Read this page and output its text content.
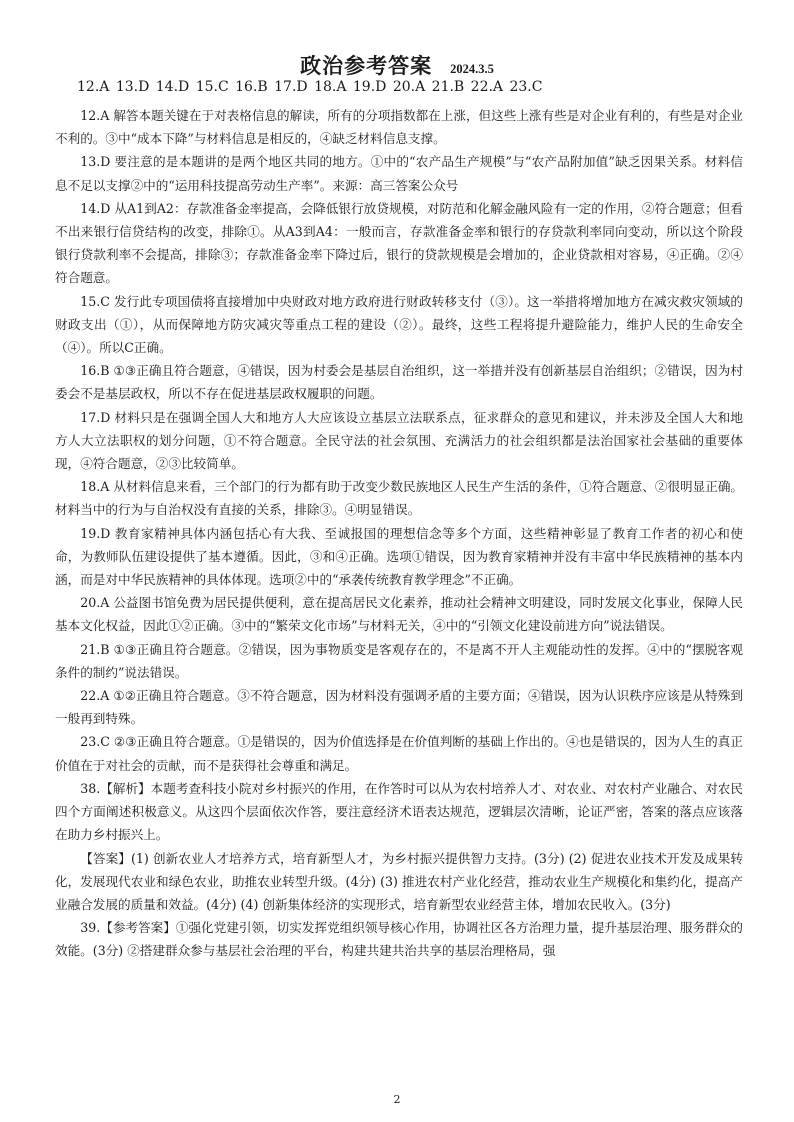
政治参考答案 2024.3.5
12.A 13.D 14.D 15.C 16.B 17.D 18.A 19.D 20.A 21.B 22.A 23.C

12.A 解答本题关键在于对表格信息的解读，所有的分项指数都在上涨，但这些上涨有些是对企业有利的，有些是对企业不利的。③中“成本下降”与材料信息是相反的，④缺乏材料信息支撑。

13.D 要注意的是本题讲的是两个地区共同的地方。①中的“农产品生产规模”与“农产品附加值”缺乏因果关系。材料信息不足以支撑②中的“运用科技提高劳动生产率”。来源：高三答案公众号

14.D 从A1到A2：存款准备金率提高，会降低银行放贷规模，对防范和化解金融风险有一定的作用，②符合题意；但看不出来银行信贷结构的改变，排除①。从A3到A4：一般而言，存款准备金率和银行的存贷款利率同向变动，所以这个阶段银行贷款利率不会提高，排除③；存款准备金率下降过后，银行的贷款规模是会增加的，企业贷款相对容易，④正确。②④符合题意。

15.C 发行此专项国债将直接增加中央财政对地方政府进行财政转移支付（③）。这一举措将增加地方在减灾救灾领域的财政支出（①），从而保障地方防灾减灾等重点工程的建设（②）。最终，这些工程将提升避险能力，维护人民的生命安全（④）。所以C正确。

16.B ①③正确且符合题意，④错误，因为村委会是基层自治组织，这一举措并没有创新基层自治组织；②错误，因为村委会不是基层政权，所以不存在促进基层政权履职的问题。

17.D 材料只是在强调全国人大和地方人大应该设立基层立法联系点，征求群众的意见和建议，并未涉及全国人大和地方人大立法职权的划分问题，①不符合题意。全民守法的社会氛围、充满活力的社会组织都是法治国家社会基础的重要体现，④符合题意，②③比较简单。

18.A 从材料信息来看，三个部门的行为都有助于改变少数民族地区人民生产生活的条件，①符合题意、②很明显正确。材料当中的行为与自治权没有直接的关系，排除③。④明显错误。

19.D 教育家精神具体内涵包括心有大我、至诚报国的理想信念等多个方面，这些精神彰显了教育工作者的初心和使命，为教师队伍建设提供了基本遵循。因此，③和④正确。选项①错误，因为教育家精神并没有丰富中华民族精神的基本内涵，而是对中华民族精神的具体体现。选项②中的“承袭传统教育教学理念”不正确。

20.A 公益图书馆免费为居民提供便利，意在提高居民文化素养，推动社会精神文明建设，同时发展文化事业，保障人民基本文化权益，因此①②正确。③中的“繁荣文化市场”与材料无关，④中的“引领文化建设前进方向”说法错误。

21.B ①③正确且符合题意。②错误，因为事物质变是客观存在的，不是离不开人主观能动性的发挥。④中的“摆脱客观条件的制约”说法错误。

22.A ①②正确且符合题意。③不符合题意，因为材料没有强调矛盾的主要方面；④错误，因为认识秩序应该是从特殊到一般再到特殊。

23.C ②③正确且符合题意。①是错误的，因为价值选择是在价值判断的基础上作出的。④也是错误的，因为人生的真正价值在于对社会的贡献，而不是获得社会尊重和满足。

38.【解析】本题考查科技小院对乡村振兴的作用，在作答时可以从为农村培养人才、对农业、对农村产业融合、对农民四个方面阐述积极意义。从这四个层面依次作答，要注意经济术语表达规范，逻辑层次清晰，论证严密，答案的落点应该落在助力乡村振兴上。

【答案】(1) 创新农业人才培养方式，培育新型人才，为乡村振兴提供智力支持。(3分) (2) 促进农业技术开发及成果转化，发展现代农业和绿色农业，助推农业转型升级。(4分) (3) 推进农村产业化经营，推动农业生产规模化和集约化，提高产业融合发展的质量和效益。(4分) (4) 创新集体经济的实现形式，培育新型农业经营主体，增加农民收入。(3分)

39.【参考答案】①强化党建引领，切实发挥党组织领导核心作用，协调社区各方治理力量，提升基层治理、服务群众的效能。(3分) ②搭建群众参与基层社会治理的平台，构建共建共治共享的基层治理格局，强

2
